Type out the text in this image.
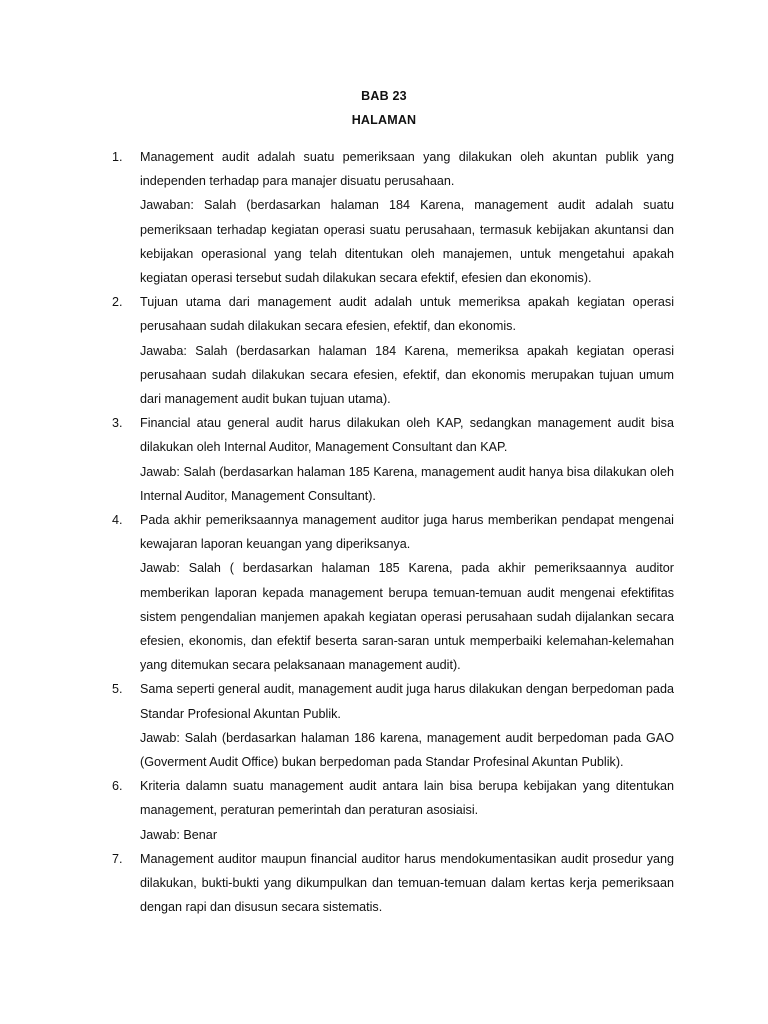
BAB 23
HALAMAN
1.	Management audit adalah suatu pemeriksaan yang dilakukan oleh akuntan publik yang independen terhadap para manajer disuatu perusahaan.
Jawaban: Salah (berdasarkan halaman 184 Karena, management audit adalah suatu pemeriksaan terhadap kegiatan operasi suatu perusahaan, termasuk kebijakan akuntansi dan kebijakan operasional yang telah ditentukan oleh manajemen, untuk mengetahui apakah kegiatan operasi tersebut sudah dilakukan secara efektif, efesien dan ekonomis).
2.	Tujuan utama dari management audit adalah untuk memeriksa apakah kegiatan operasi perusahaan sudah dilakukan secara efesien, efektif, dan ekonomis.
Jawaba: Salah (berdasarkan halaman 184 Karena, memeriksa apakah kegiatan operasi perusahaan sudah dilakukan secara efesien, efektif, dan ekonomis merupakan tujuan umum dari management audit bukan tujuan utama).
3.	Financial atau general audit harus dilakukan oleh KAP, sedangkan management audit bisa dilakukan oleh Internal Auditor, Management Consultant dan KAP.
Jawab: Salah (berdasarkan halaman 185 Karena, management audit hanya bisa dilakukan oleh Internal Auditor, Management Consultant).
4.	Pada akhir pemeriksaannya management auditor juga harus memberikan pendapat mengenai kewajaran laporan keuangan yang diperiksanya.
Jawab: Salah ( berdasarkan halaman 185 Karena, pada akhir pemeriksaannya auditor memberikan laporan kepada management berupa temuan-temuan audit mengenai efektifitas sistem pengendalian manjemen apakah kegiatan operasi perusahaan sudah dijalankan secara efesien, ekonomis, dan efektif beserta saran-saran untuk memperbaiki kelemahan-kelemahan yang ditemukan secara pelaksanaan management audit).
5.	Sama seperti general audit, management audit juga harus dilakukan dengan berpedoman pada Standar Profesional Akuntan Publik.
Jawab: Salah (berdasarkan halaman 186 karena, management audit berpedoman pada GAO (Goverment Audit Office) bukan berpedoman pada Standar Profesinal Akuntan Publik).
6.	Kriteria dalamn suatu management audit antara lain bisa berupa kebijakan yang ditentukan management, peraturan pemerintah dan peraturan asosiaisi.
Jawab: Benar
7.	Management auditor maupun financial auditor harus mendokumentasikan audit prosedur yang dilakukan, bukti-bukti yang dikumpulkan dan temuan-temuan dalam kertas kerja pemeriksaan dengan rapi dan disusun secara sistematis.
